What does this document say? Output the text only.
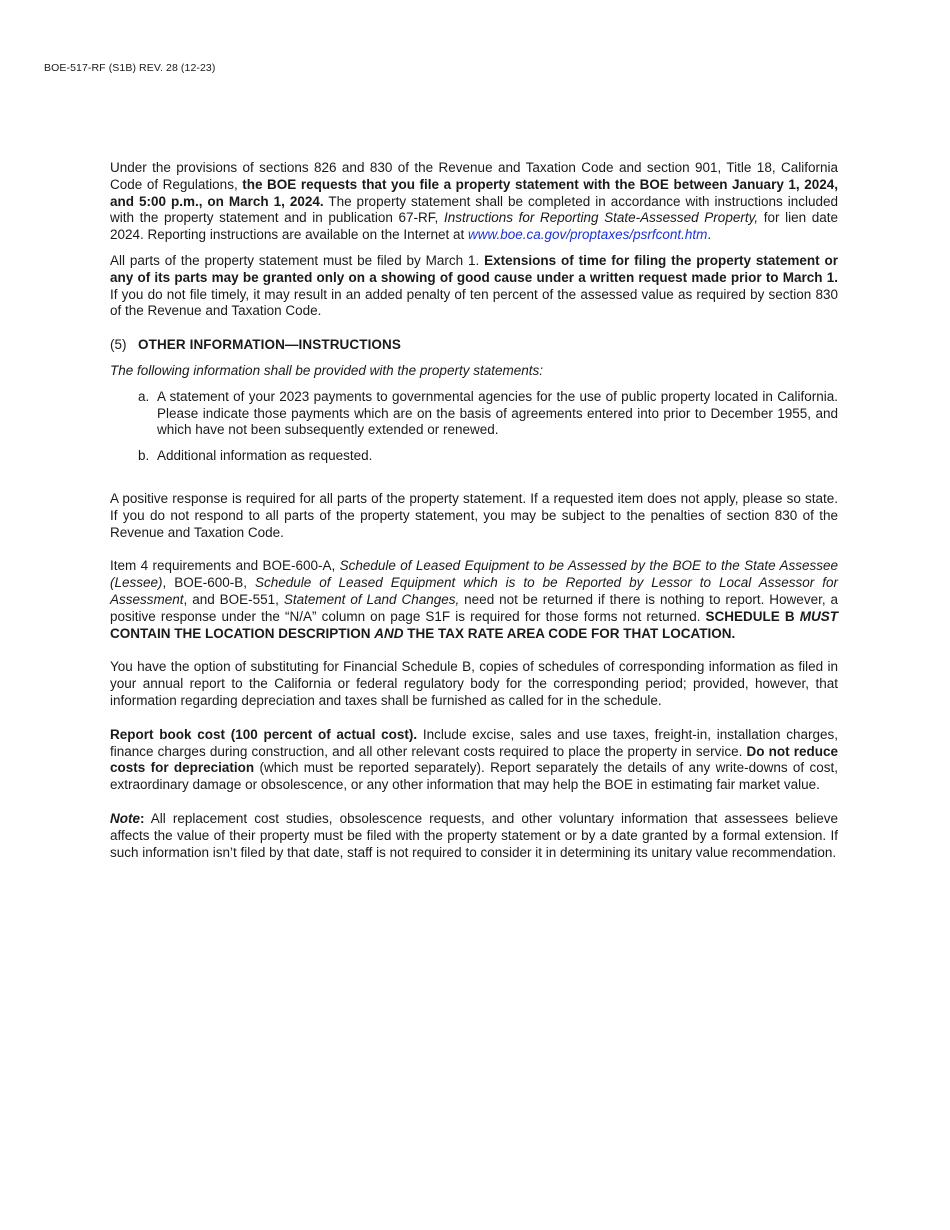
BOE-517-RF (S1B) REV. 28 (12-23)

Under the provisions of sections 826 and 830 of the Revenue and Taxation Code and section 901, Title 18, California Code of Regulations, the BOE requests that you file a property statement with the BOE between January 1, 2024, and 5:00 p.m., on March 1, 2024. The property statement shall be completed in accordance with instructions included with the property statement and in publication 67-RF, Instructions for Reporting State-Assessed Property, for lien date 2024. Reporting instructions are available on the Internet at www.boe.ca.gov/proptaxes/psrfcont.htm.

All parts of the property statement must be filed by March 1. Extensions of time for filing the property statement or any of its parts may be granted only on a showing of good cause under a written request made prior to March 1. If you do not file timely, it may result in an added penalty of ten percent of the assessed value as required by section 830 of the Revenue and Taxation Code.

(5) OTHER INFORMATION—INSTRUCTIONS

The following information shall be provided with the property statements:

a. A statement of your 2023 payments to governmental agencies for the use of public property located in California. Please indicate those payments which are on the basis of agreements entered into prior to December 1955, and which have not been subsequently extended or renewed.
b. Additional information as requested.

A positive response is required for all parts of the property statement. If a requested item does not apply, please so state. If you do not respond to all parts of the property statement, you may be subject to the penalties of section 830 of the Revenue and Taxation Code.

Item 4 requirements and BOE-600-A, Schedule of Leased Equipment to be Assessed by the BOE to the State Assessee (Lessee), BOE-600-B, Schedule of Leased Equipment which is to be Reported by Lessor to Local Assessor for Assessment, and BOE-551, Statement of Land Changes, need not be returned if there is nothing to report. However, a positive response under the “N/A” column on page S1F is required for those forms not returned. SCHEDULE B MUST CONTAIN THE LOCATION DESCRIPTION AND THE TAX RATE AREA CODE FOR THAT LOCATION.

You have the option of substituting for Financial Schedule B, copies of schedules of corresponding information as filed in your annual report to the California or federal regulatory body for the corresponding period; provided, however, that information regarding depreciation and taxes shall be furnished as called for in the schedule.

Report book cost (100 percent of actual cost). Include excise, sales and use taxes, freight-in, installation charges, finance charges during construction, and all other relevant costs required to place the property in service. Do not reduce costs for depreciation (which must be reported separately). Report separately the details of any write-downs of cost, extraordinary damage or obsolescence, or any other information that may help the BOE in estimating fair market value.

Note: All replacement cost studies, obsolescence requests, and other voluntary information that assessees believe affects the value of their property must be filed with the property statement or by a date granted by a formal extension. If such information isn’t filed by that date, staff is not required to consider it in determining its unitary value recommendation.
